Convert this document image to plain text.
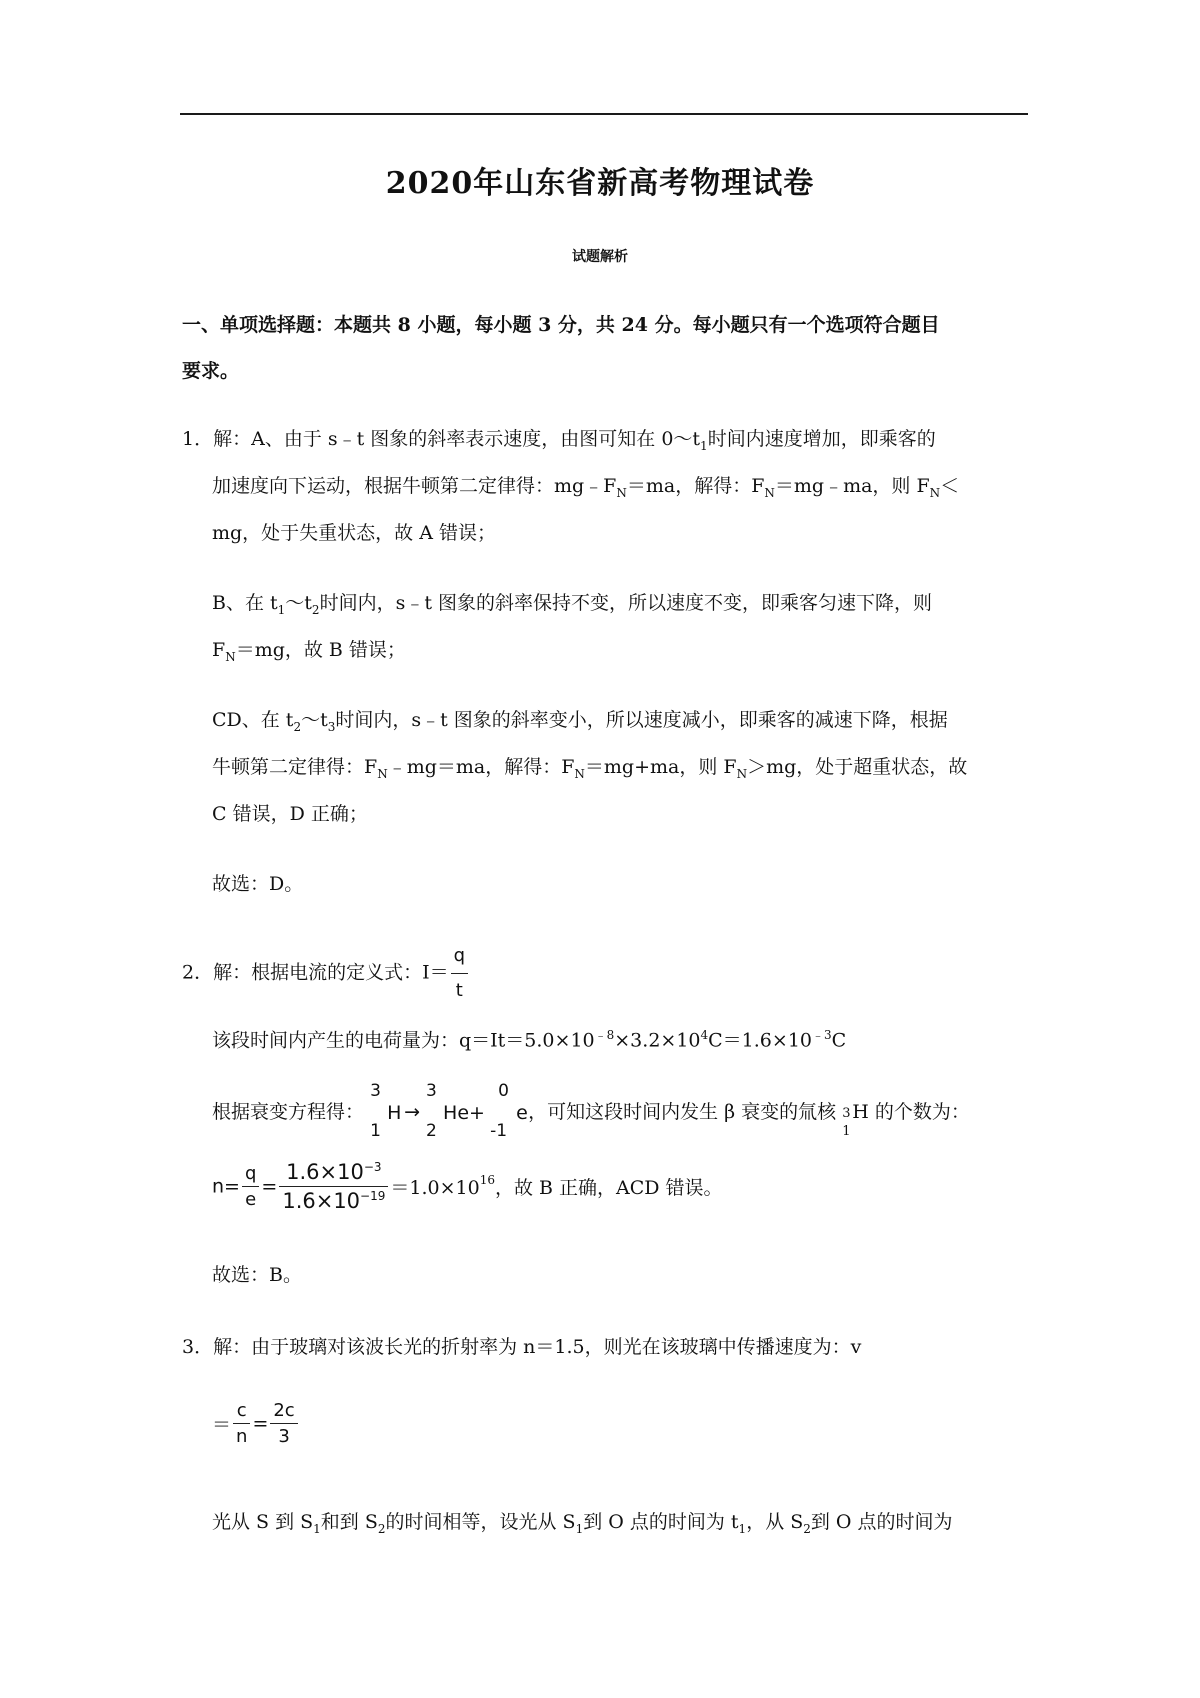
2020年山东省新高考物理试卷
试题解析
一、单项选择题：本题共 8 小题，每小题 3 分，共 24 分。每小题只有一个选项符合题目
要求。
1．解：A、由于 s﹣t 图象的斜率表示速度，由图可知在 $0\sim t_1$时间内速度增加，即乘客的
加速度向下运动，根据牛顿第二定律得：$mg﹣F_N=ma$，解得：$F_N=mg﹣ma$，则 $F_N<$
mg，处于失重状态，故 A 错误；
B、在 $t_1\sim t_2$时间内，s﹣t 图象的斜率保持不变，所以速度不变，即乘客匀速下降，则
$F_N=mg$，故 B 错误；
CD、在 $t_2\sim t_3$时间内，s﹣t 图象的斜率变小，所以速度减小，即乘客的减速下降，根据
牛顿第二定律得：$F_N﹣mg=ma$，解得：$F_N=mg+ma$，则 $F_N>mg$，处于超重状态，故
C 错误，D 正确；
故选：D。
2．解：根据电流的定义式：$I= \frac{q}{t}$
该段时间内产生的电荷量为：$q=It=5.0\times 10^{﹣8}\times 3.2\times 10^4C=1.6\times 10^{﹣3}C$
根据衰变方程得：
3
1
H →
3
2
He+
0
-1
e，可知这段时间内发生 β 衰变的氚核 3
1
H 的个数为：
$n= \frac{q}{e} = \frac{1.6\times 10^{-3}}{1.6\times 10^{-19}} =1.0\times 10^{16}$，故 B 正确，ACD 错误。
故选：B。
3．解：由于玻璃对该波长光的折射率为 n＝1.5，则光在该玻璃中传播速度为：v
＝ $\frac{c}{n} = \frac{2c}{3}$
光从 S 到 $S_1$和到 $S_2$的时间相等，设光从 $S_1$到 O 点的时间为 $t_1$，从 $S_2$到 O 点的时间为
